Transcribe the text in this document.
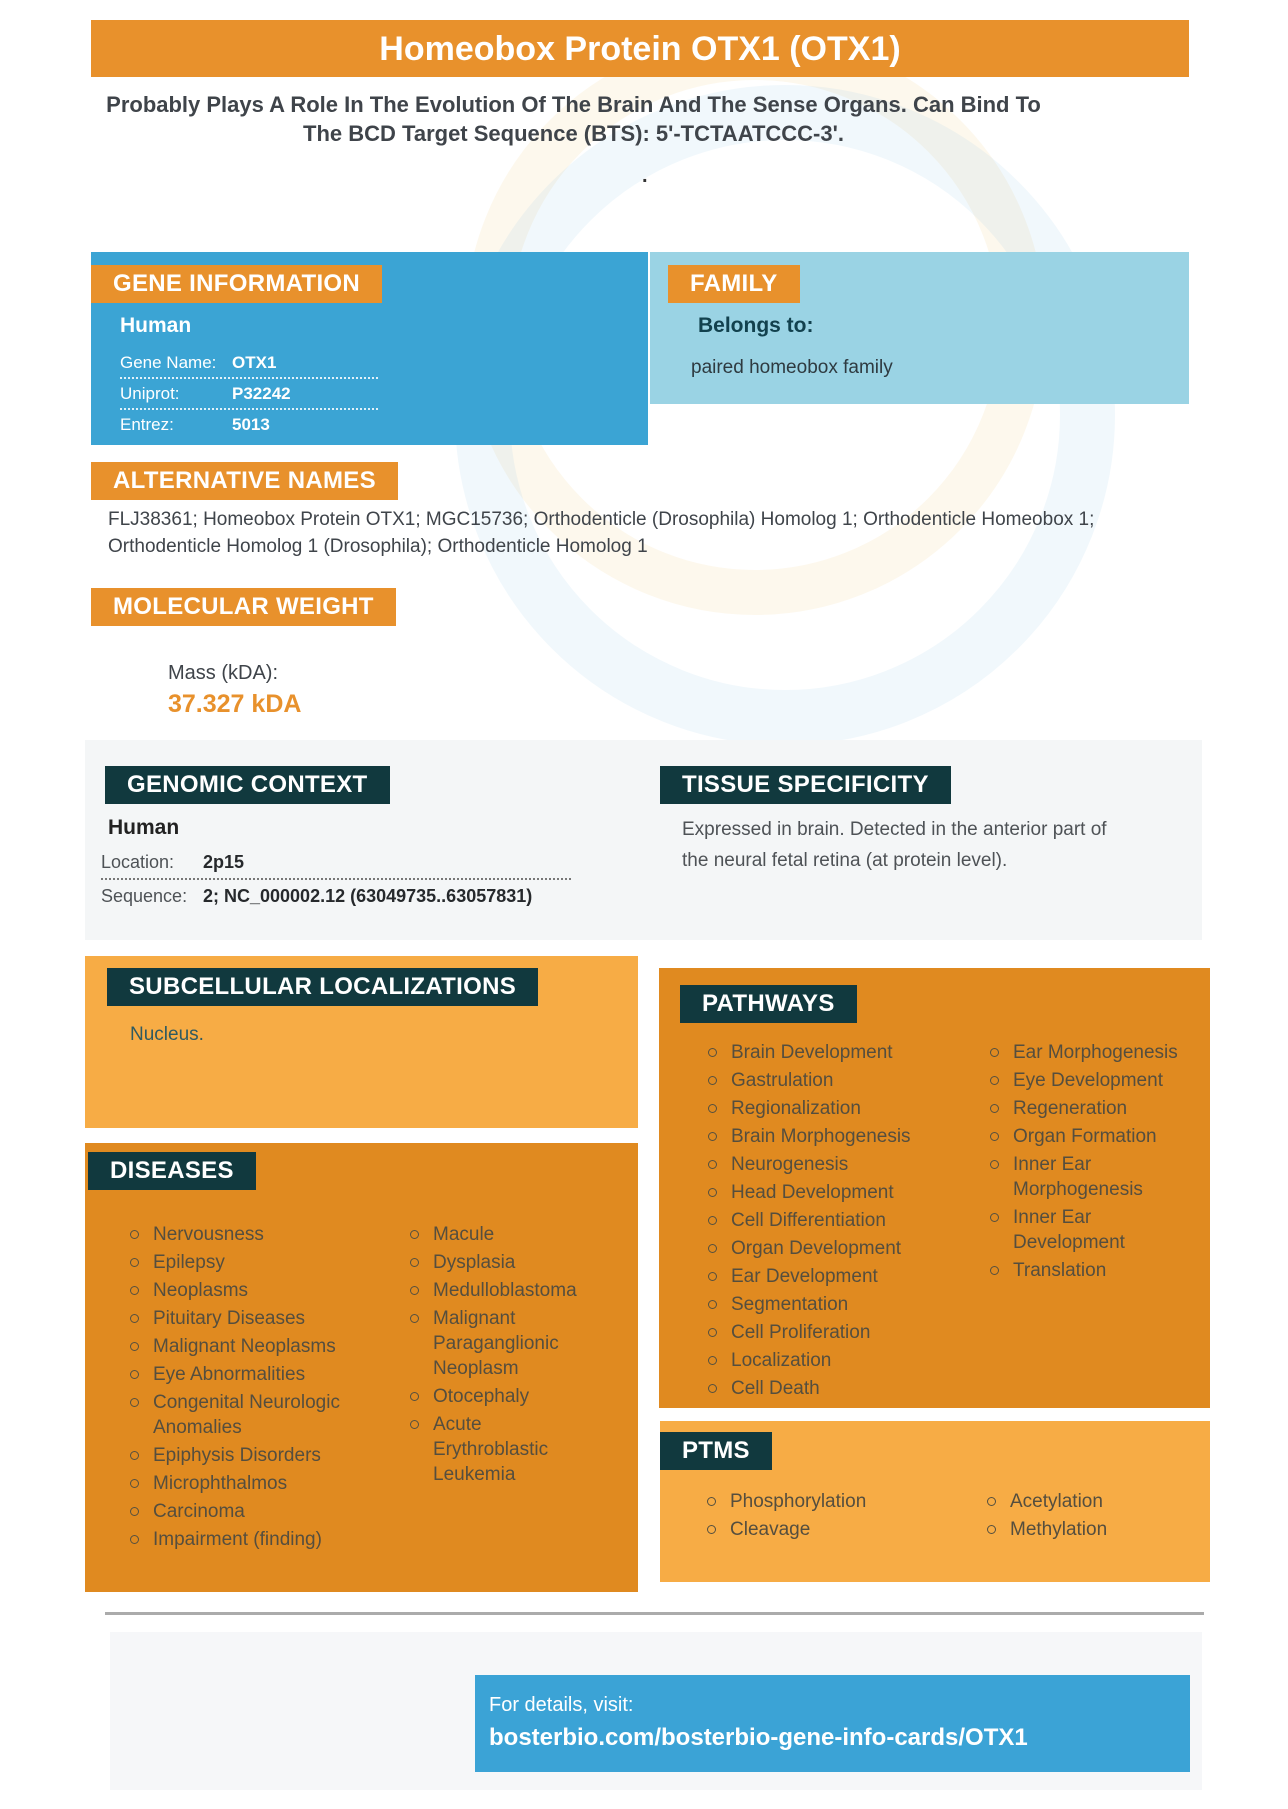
Homeobox Protein OTX1 (OTX1)
Probably Plays A Role In The Evolution Of The Brain And The Sense Organs. Can Bind To The BCD Target Sequence (BTS): 5'-TCTAATCCC-3'.
.
GENE INFORMATION
Human
Gene Name: OTX1
Uniprot:	P32242
Entrez:	5013
FAMILY
Belongs to:
paired homeobox family
ALTERNATIVE NAMES
FLJ38361; Homeobox Protein OTX1; MGC15736; Orthodenticle (Drosophila) Homolog 1; Orthodenticle Homeobox 1; Orthodenticle Homolog 1 (Drosophila); Orthodenticle Homolog 1
MOLECULAR WEIGHT
Mass (kDA):
37.327 kDA
GENOMIC CONTEXT
Human
Location:	2p15
Sequence: 2; NC_000002.12 (63049735..63057831)
TISSUE SPECIFICITY
Expressed in brain. Detected in the anterior part of the neural fetal retina (at protein level).
SUBCELLULAR LOCALIZATIONS
Nucleus.
PATHWAYS
Brain Development
Gastrulation
Regionalization
Brain Morphogenesis
Neurogenesis
Head Development
Cell Differentiation
Organ Development
Ear Development
Segmentation
Cell Proliferation
Localization
Cell Death
Ear Morphogenesis
Eye Development
Regeneration
Organ Formation
Inner Ear Morphogenesis
Inner Ear Development
Translation
DISEASES
Nervousness
Epilepsy
Neoplasms
Pituitary Diseases
Malignant Neoplasms
Eye Abnormalities
Congenital Neurologic Anomalies
Epiphysis Disorders
Microphthalmos
Carcinoma
Impairment (finding)
Macule
Dysplasia
Medulloblastoma
Malignant Paraganglionic Neoplasm
Otocephaly
Acute Erythroblastic Leukemia
PTMS
Phosphorylation
Cleavage
Acetylation
Methylation
For details, visit:
bosterbio.com/bosterbio-gene-info-cards/OTX1
